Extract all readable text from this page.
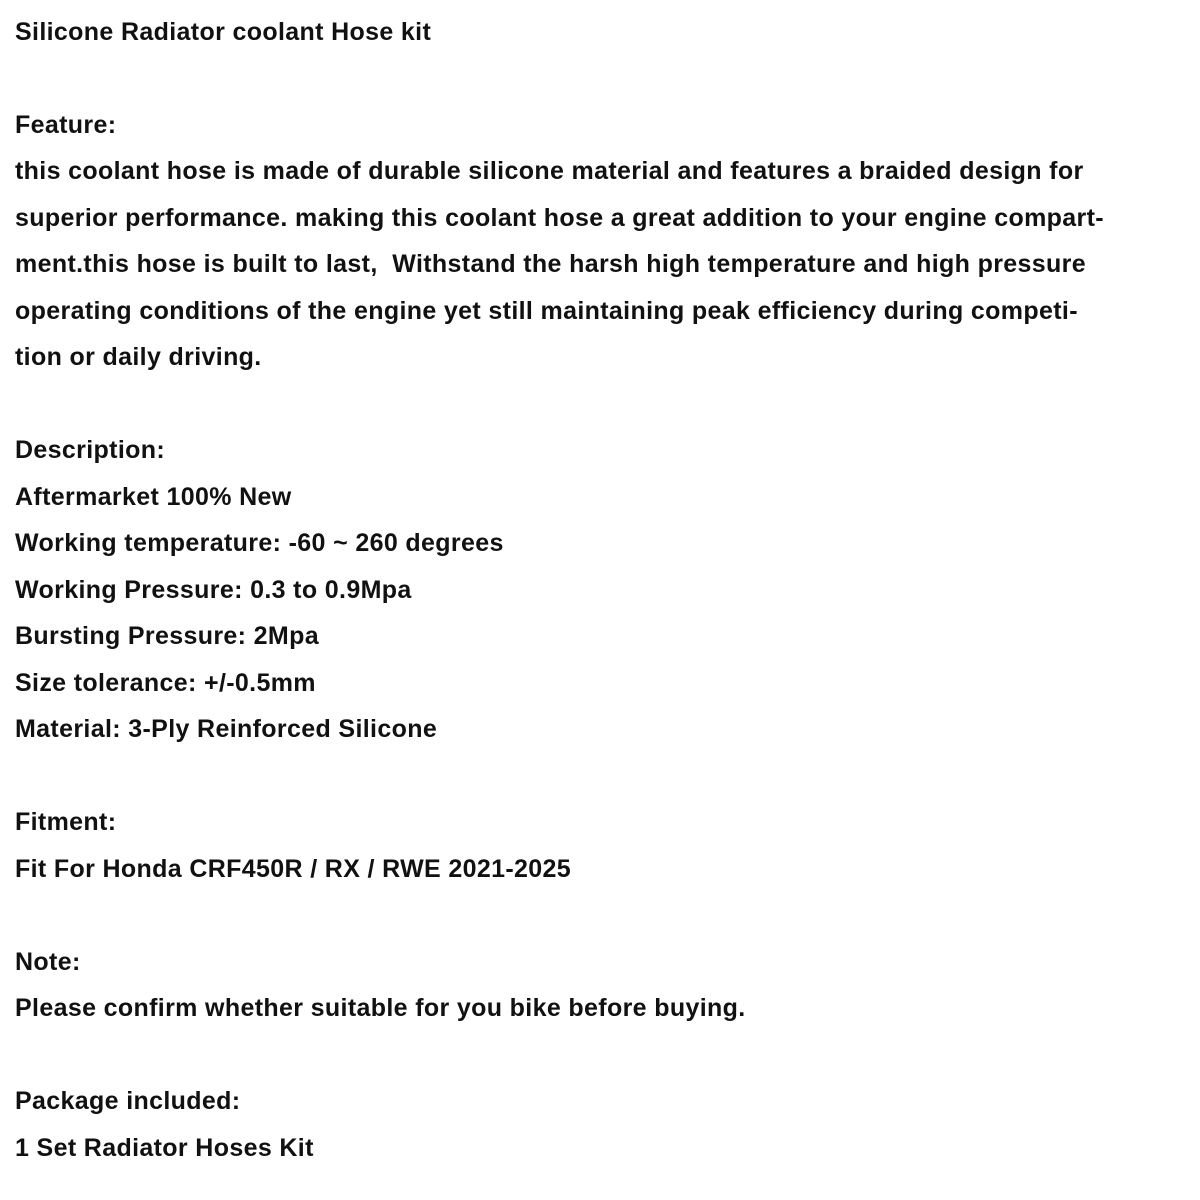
Silicone Radiator coolant Hose kit
Feature:
this coolant hose is made of durable silicone material and features a braided design for
superior performance. making this coolant hose a great addition to your engine compart-
ment.this hose is built to last,  Withstand the harsh high temperature and high pressure
operating conditions of the engine yet still maintaining peak efficiency during competi-
tion or daily driving.
Description:
Aftermarket 100% New
Working temperature: -60 ~ 260 degrees
Working Pressure: 0.3 to 0.9Mpa
Bursting Pressure: 2Mpa
Size tolerance: +/-0.5mm
Material: 3-Ply Reinforced Silicone
Fitment:
Fit For Honda CRF450R / RX / RWE 2021-2025
Note:
Please confirm whether suitable for you bike before buying.
Package included:
1 Set Radiator Hoses Kit
